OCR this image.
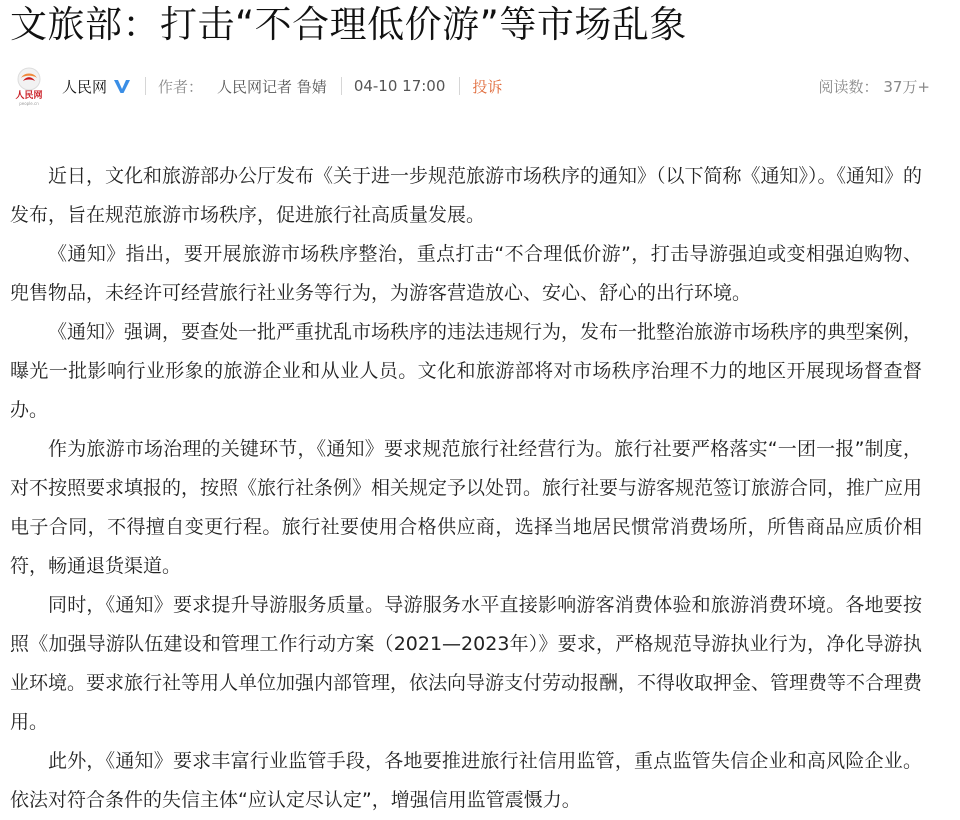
文旅部：打击“不合理低价游”等市场乱象
人民网
people.cn
人民网	作者： 人民网记者 鲁婧 04-10 17:00 投诉	阅读数： 37万+

近日，文化和旅游部办公厅发布《关于进一步规范旅游市场秩序的通知》（以下简称《通知》）。《通知》的发布，旨在规范旅游市场秩序，促进旅行社高质量发展。

《通知》指出，要开展旅游市场秩序整治，重点打击“不合理低价游”，打击导游强迫或变相强迫购物、兜售物品，未经许可经营旅行社业务等行为，为游客营造放心、安心、舒心的出行环境。

《通知》强调，要查处一批严重扰乱市场秩序的违法违规行为，发布一批整治旅游市场秩序的典型案例，曝光一批影响行业形象的旅游企业和从业人员。文化和旅游部将对市场秩序治理不力的地区开展现场督查督办。

作为旅游市场治理的关键环节，《通知》要求规范旅行社经营行为。旅行社要严格落实“一团一报”制度，对不按照要求填报的，按照《旅行社条例》相关规定予以处罚。旅行社要与游客规范签订旅游合同，推广应用电子合同，不得擅自变更行程。旅行社要使用合格供应商，选择当地居民惯常消费场所，所售商品应质价相符，畅通退货渠道。

同时，《通知》要求提升导游服务质量。导游服务水平直接影响游客消费体验和旅游消费环境。各地要按照《加强导游队伍建设和管理工作行动方案（2021—2023年）》要求，严格规范导游执业行为，净化导游执业环境。要求旅行社等用人单位加强内部管理，依法向导游支付劳动报酬，不得收取押金、管理费等不合理费用。

此外，《通知》要求丰富行业监管手段，各地要推进旅行社信用监管，重点监管失信企业和高风险企业。依法对符合条件的失信主体“应认定尽认定”，增强信用监管震慑力。
